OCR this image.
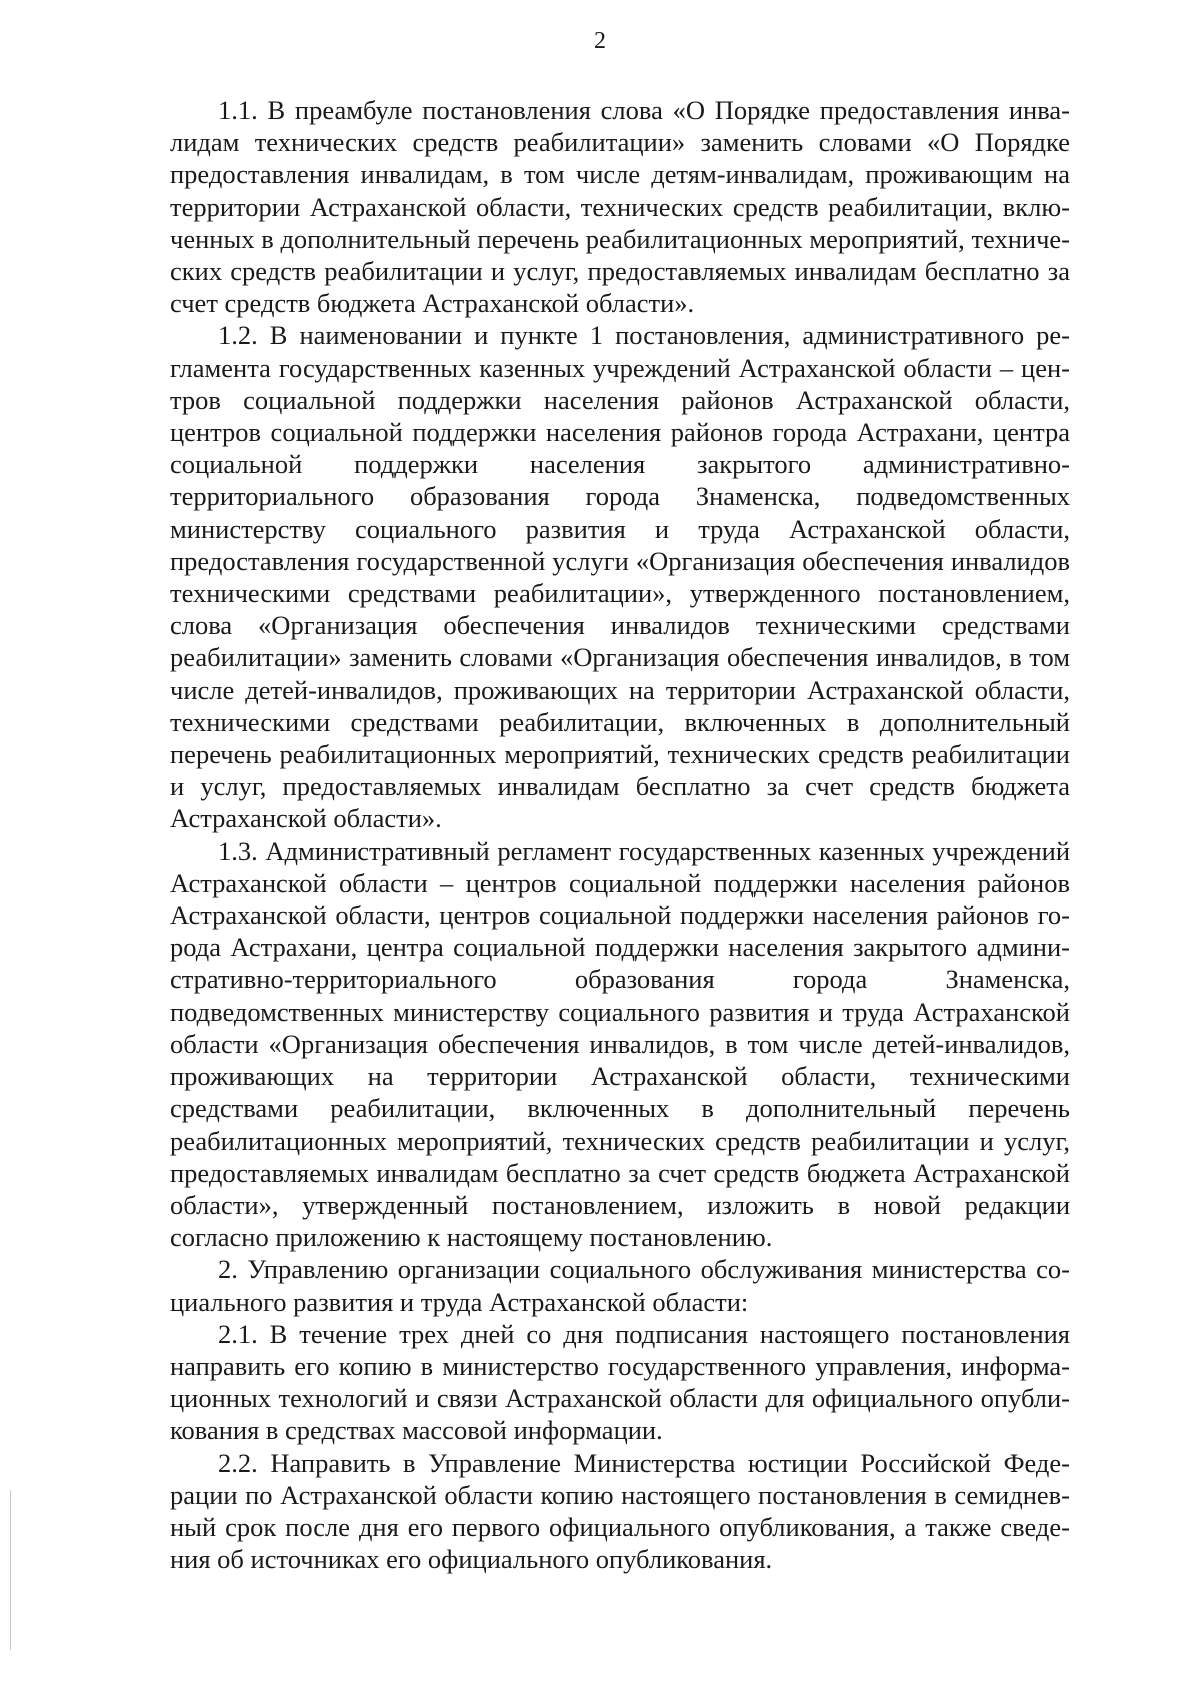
2

1.1. В преамбуле постановления слова «О Порядке предоставления инвалидам технических средств реабилитации» заменить словами «О Порядке предоставления инвалидам, в том числе детям-инвалидам, проживающим на территории Астраханской области, технических средств реабилитации, включенных в дополнительный перечень реабилитационных мероприятий, технических средств реабилитации и услуг, предоставляемых инвалидам бесплатно за счет средств бюджета Астраханской области».

1.2. В наименовании и пункте 1 постановления, административного регламента государственных казенных учреждений Астраханской области – центров социальной поддержки населения районов Астраханской области, центров социальной поддержки населения районов города Астрахани, центра социальной поддержки населения закрытого административно-территориального образования города Знаменска, подведомственных министерству социального развития и труда Астраханской области, предоставления государственной услуги «Организация обеспечения инвалидов техническими средствами реабилитации», утвержденного постановлением, слова «Организация обеспечения инвалидов техническими средствами реабилитации» заменить словами «Организация обеспечения инвалидов, в том числе детей-инвалидов, проживающих на территории Астраханской области, техническими средствами реабилитации, включенных в дополнительный перечень реабилитационных мероприятий, технических средств реабилитации и услуг, предоставляемых инвалидам бесплатно за счет средств бюджета Астраханской области».

1.3. Административный регламент государственных казенных учреждений Астраханской области – центров социальной поддержки населения районов Астраханской области, центров социальной поддержки населения районов города Астрахани, центра социальной поддержки населения закрытого административно-территориального образования города Знаменска, подведомственных министерству социального развития и труда Астраханской области «Организация обеспечения инвалидов, в том числе детей-инвалидов, проживающих на территории Астраханской области, техническими средствами реабилитации, включенных в дополнительный перечень реабилитационных мероприятий, технических средств реабилитации и услуг, предоставляемых инвалидам бесплатно за счет средств бюджета Астраханской области», утвержденный постановлением, изложить в новой редакции согласно приложению к настоящему постановлению.

2. Управлению организации социального обслуживания министерства социального развития и труда Астраханской области:

2.1. В течение трех дней со дня подписания настоящего постановления направить его копию в министерство государственного управления, информационных технологий и связи Астраханской области для официального опубликования в средствах массовой информации.

2.2. Направить в Управление Министерства юстиции Российской Федерации по Астраханской области копию настоящего постановления в семидневный срок после дня его первого официального опубликования, а также сведения об источниках его официального опубликования.
